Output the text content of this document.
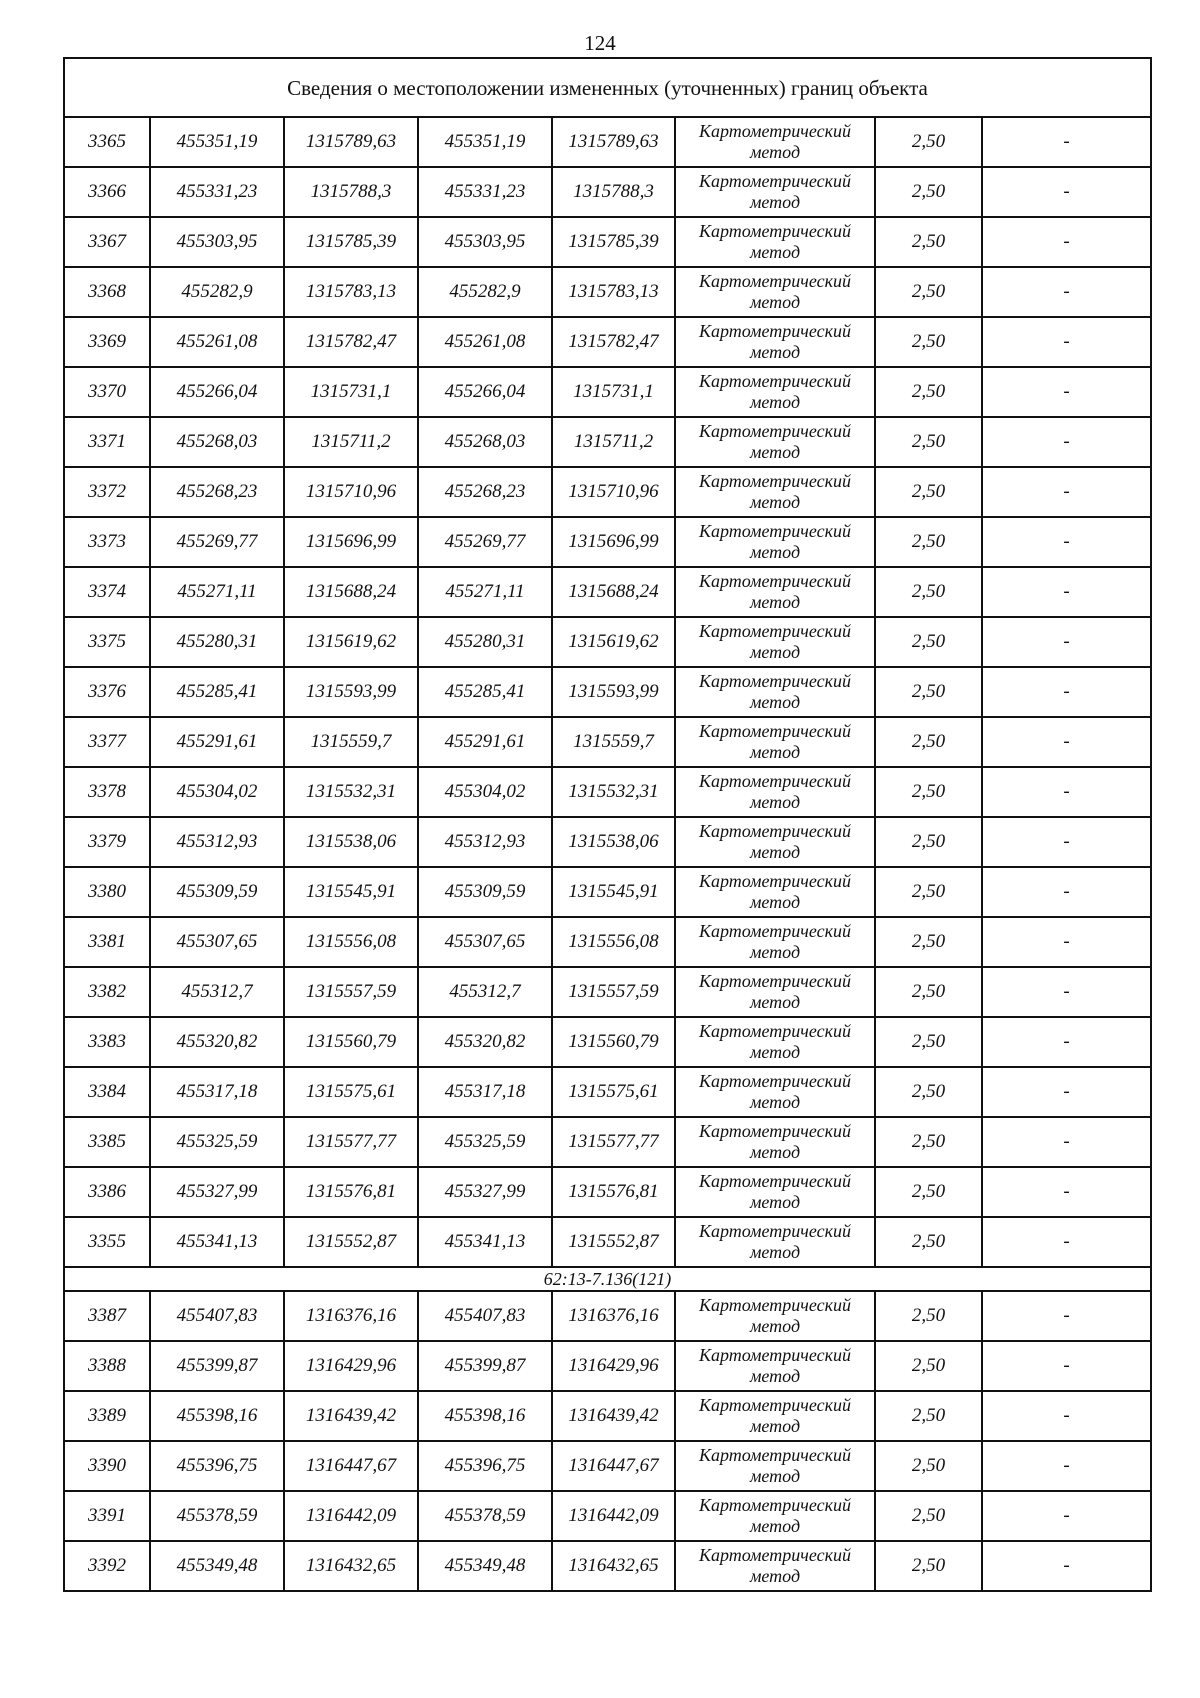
124
Сведения о местоположении измененных (уточненных) границ объекта							
3365	455351,19	1315789,63	455351,19	1315789,63	Картометрический метод	2,50	-
3366	455331,23	1315788,3	455331,23	1315788,3	Картометрический метод	2,50	-
3367	455303,95	1315785,39	455303,95	1315785,39	Картометрический метод	2,50	-
3368	455282,9	1315783,13	455282,9	1315783,13	Картометрический метод	2,50	-
3369	455261,08	1315782,47	455261,08	1315782,47	Картометрический метод	2,50	-
3370	455266,04	1315731,1	455266,04	1315731,1	Картометрический метод	2,50	-
3371	455268,03	1315711,2	455268,03	1315711,2	Картометрический метод	2,50	-
3372	455268,23	1315710,96	455268,23	1315710,96	Картометрический метод	2,50	-
3373	455269,77	1315696,99	455269,77	1315696,99	Картометрический метод	2,50	-
3374	455271,11	1315688,24	455271,11	1315688,24	Картометрический метод	2,50	-
3375	455280,31	1315619,62	455280,31	1315619,62	Картометрический метод	2,50	-
3376	455285,41	1315593,99	455285,41	1315593,99	Картометрический метод	2,50	-
3377	455291,61	1315559,7	455291,61	1315559,7	Картометрический метод	2,50	-
3378	455304,02	1315532,31	455304,02	1315532,31	Картометрический метод	2,50	-
3379	455312,93	1315538,06	455312,93	1315538,06	Картометрический метод	2,50	-
3380	455309,59	1315545,91	455309,59	1315545,91	Картометрический метод	2,50	-
3381	455307,65	1315556,08	455307,65	1315556,08	Картометрический метод	2,50	-
3382	455312,7	1315557,59	455312,7	1315557,59	Картометрический метод	2,50	-
3383	455320,82	1315560,79	455320,82	1315560,79	Картометрический метод	2,50	-
3384	455317,18	1315575,61	455317,18	1315575,61	Картометрический метод	2,50	-
3385	455325,59	1315577,77	455325,59	1315577,77	Картометрический метод	2,50	-
3386	455327,99	1315576,81	455327,99	1315576,81	Картометрический метод	2,50	-
3355	455341,13	1315552,87	455341,13	1315552,87	Картометрический метод	2,50	-
62:13-7.136(121)							
3387	455407,83	1316376,16	455407,83	1316376,16	Картометрический метод	2,50	-
3388	455399,87	1316429,96	455399,87	1316429,96	Картометрический метод	2,50	-
3389	455398,16	1316439,42	455398,16	1316439,42	Картометрический метод	2,50	-
3390	455396,75	1316447,67	455396,75	1316447,67	Картометрический метод	2,50	-
3391	455378,59	1316442,09	455378,59	1316442,09	Картометрический метод	2,50	-
3392	455349,48	1316432,65	455349,48	1316432,65	Картометрический метод	2,50	-
